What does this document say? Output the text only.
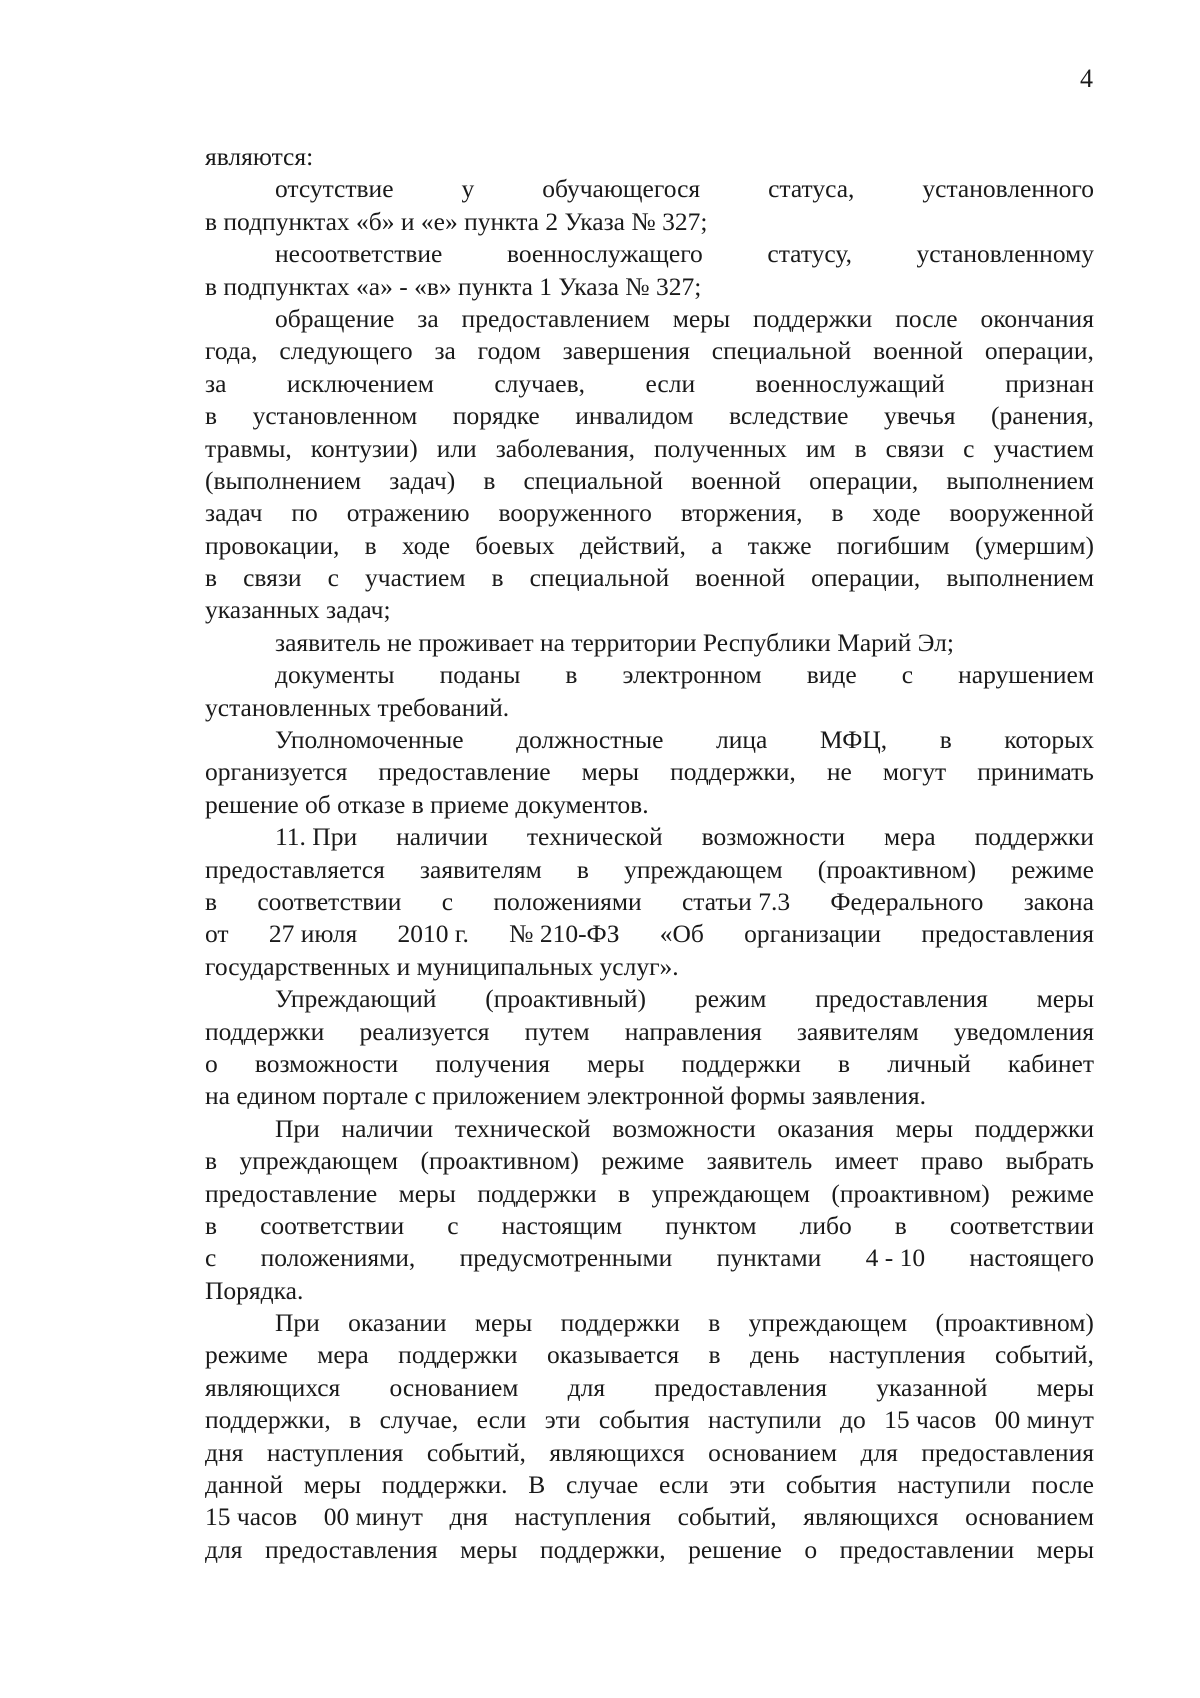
4
являются:
отсутствие	у	обучающегося	статуса,	установленного
в подпунктах «б» и «е» пункта 2 Указа № 327;
несоответствие	военнослужащего	статусу,	установленному
в подпунктах «а» - «в» пункта 1 Указа № 327;
обращение за предоставлением меры поддержки после окончания
года, следующего за годом завершения специальной военной операции,
за исключением случаев, если военнослужащий признан
в установленном порядке инвалидом вследствие увечья (ранения,
травмы, контузии) или заболевания, полученных им в связи с участием
(выполнением задач) в специальной военной операции, выполнением
задач по отражению вооруженного вторжения, в ходе вооруженной
провокации, в ходе боевых действий, а также погибшим (умершим)
в связи с участием в специальной военной операции, выполнением
указанных задач;
заявитель не проживает на территории Республики Марий Эл;
документы поданы в электронном виде с нарушением
установленных требований.
Уполномоченные должностные лица МФЦ, в которых
организуется предоставление меры поддержки, не могут принимать
решение об отказе в приеме документов.
11. При наличии технической возможности мера поддержки
предоставляется заявителям в упреждающем (проактивном) режиме
в соответствии с положениями статьи 7.3 Федерального закона
от 27 июля 2010 г. № 210-ФЗ «Об организации предоставления
государственных и муниципальных услуг».
Упреждающий (проактивный) режим предоставления меры
поддержки реализуется путем направления заявителям уведомления
о возможности получения меры поддержки в личный кабинет
на едином портале с приложением электронной формы заявления.
При наличии технической возможности оказания меры поддержки
в упреждающем (проактивном) режиме заявитель имеет право выбрать
предоставление меры поддержки в упреждающем (проактивном) режиме
в соответствии с настоящим пунктом либо в соответствии
с положениями, предусмотренными пунктами 4 - 10 настоящего
Порядка.
При оказании меры поддержки в упреждающем (проактивном)
режиме мера поддержки оказывается в день наступления событий,
являющихся основанием для предоставления указанной меры
поддержки, в случае, если эти события наступили до 15 часов 00 минут
дня наступления событий, являющихся основанием для предоставления
данной меры поддержки. В случае если эти события наступили после
15 часов 00 минут дня наступления событий, являющихся основанием
для предоставления меры поддержки, решение о предоставлении меры
